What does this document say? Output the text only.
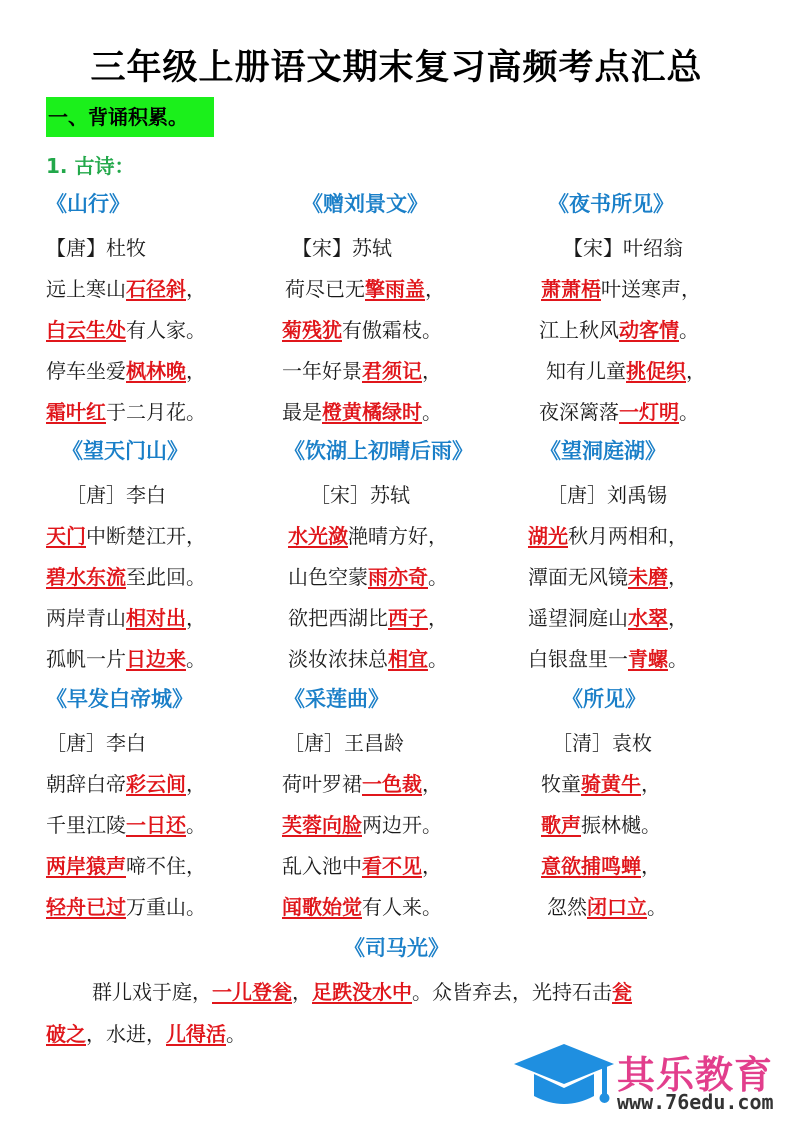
三年级上册语文期末复习高频考点汇总
一、背诵积累。
1. 古诗：
《山行》
【唐】杜牧
远上寒山石径斜，
白云生处有人家。
停车坐爱枫林晚，
霜叶红于二月花。
《赠刘景文》
【宋】苏轼
荷尽已无擎雨盖，
菊残犹有傲霜枝。
一年好景君须记，
最是橙黄橘绿时。
《夜书所见》
【宋】叶绍翁
萧萧梧叶送寒声，
江上秋风动客情。
知有儿童挑促织，
夜深篱落一灯明。
《望天门山》
［唐］李白
天门中断楚江开，
碧水东流至此回。
两岸青山相对出，
孤帆一片日边来。
《饮湖上初晴后雨》
［宋］苏轼
水光潋滟晴方好，
山色空蒙雨亦奇。
欲把西湖比西子，
淡妆浓抹总相宜。
《望洞庭湖》
［唐］刘禹锡
湖光秋月两相和，
潭面无风镜未磨，
遥望洞庭山水翠，
白银盘里一青螺。
《早发白帝城》
［唐］李白
朝辞白帝彩云间，
千里江陵一日还。
两岸猿声啼不住，
轻舟已过万重山。
《采莲曲》
［唐］王昌龄
荷叶罗裙一色裁，
芙蓉向脸两边开。
乱入池中看不见，
闻歌始觉有人来。
《所见》
［清］袁枚
牧童骑黄牛，
歌声振林樾。
意欲捕鸣蝉，
忽然闭口立。
《司马光》
群儿戏于庭，一儿登瓮，足跌没水中。众皆弃去，光持石击瓮
破之，水进，儿得活。
其乐教育
www.76edu.com
